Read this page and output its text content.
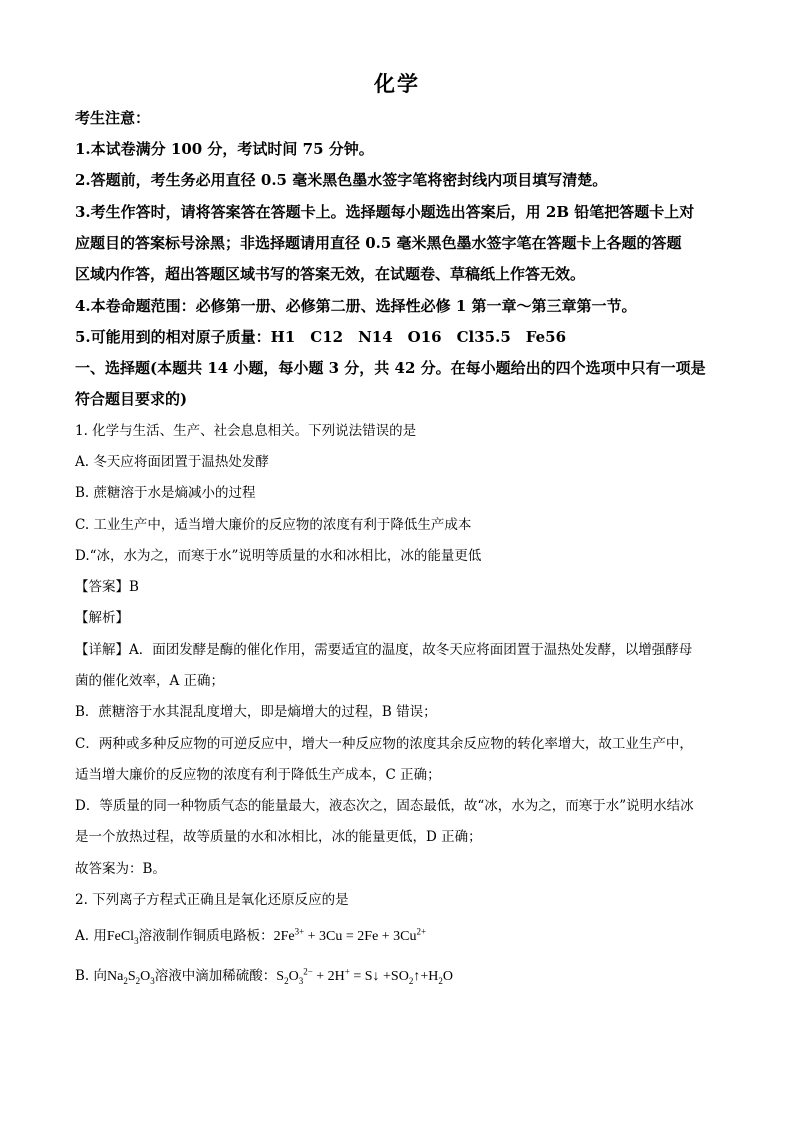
化学
考生注意：
1.本试卷满分 100 分，考试时间 75 分钟。
2.答题前，考生务必用直径 0.5 毫米黑色墨水签字笔将密封线内项目填写清楚。
3.考生作答时，请将答案答在答题卡上。选择题每小题选出答案后，用 2B 铅笔把答题卡上对
应题目的答案标号涂黑；非选择题请用直径 0.5 毫米黑色墨水签字笔在答题卡上各题的答题
区域内作答，超出答题区域书写的答案无效，在试题卷、草稿纸上作答无效。
4.本卷命题范围：必修第一册、必修第二册、选择性必修 1 第一章～第三章第一节。
5.可能用到的相对原子质量：H1　C12　N14　O16　Cl35.5　Fe56
一、选择题(本题共 14 小题，每小题 3 分，共 42 分。在每小题给出的四个选项中只有一项是
符合题目要求的)
1. 化学与生活、生产、社会息息相关。下列说法错误的是
A. 冬天应将面团置于温热处发酵
B. 蔗糖溶于水是熵减小的过程
C. 工业生产中，适当增大廉价的反应物的浓度有利于降低生产成本
D.“冰，水为之，而寒于水”说明等质量的水和冰相比，冰的能量更低
【答案】B
【解析】
【详解】A．面团发酵是酶的催化作用，需要适宜的温度，故冬天应将面团置于温热处发酵，以增强酵母
菌的催化效率，A 正确；
B．蔗糖溶于水其混乱度增大，即是熵增大的过程，B 错误；
C．两种或多种反应物的可逆反应中，增大一种反应物的浓度其余反应物的转化率增大，故工业生产中，
适当增大廉价的反应物的浓度有利于降低生产成本，C 正确；
D．等质量的同一种物质气态的能量最大，液态次之，固态最低，故“冰，水为之，而寒于水”说明水结冰
是一个放热过程，故等质量的水和冰相比，冰的能量更低，D 正确；
故答案为：B。
2. 下列离子方程式正确且是氧化还原反应的是
A. 用FeCl$_3$溶液制作铜质电路板：$2Fe^{3+} + 3Cu = 2Fe + 3Cu^{2+}$
B. 向$Na_2S_2O_3$溶液中滴加稀硫酸：$S_2O_3^{2-} + 2H^+$ = S↓ $+SO_2↑+H_2O$
